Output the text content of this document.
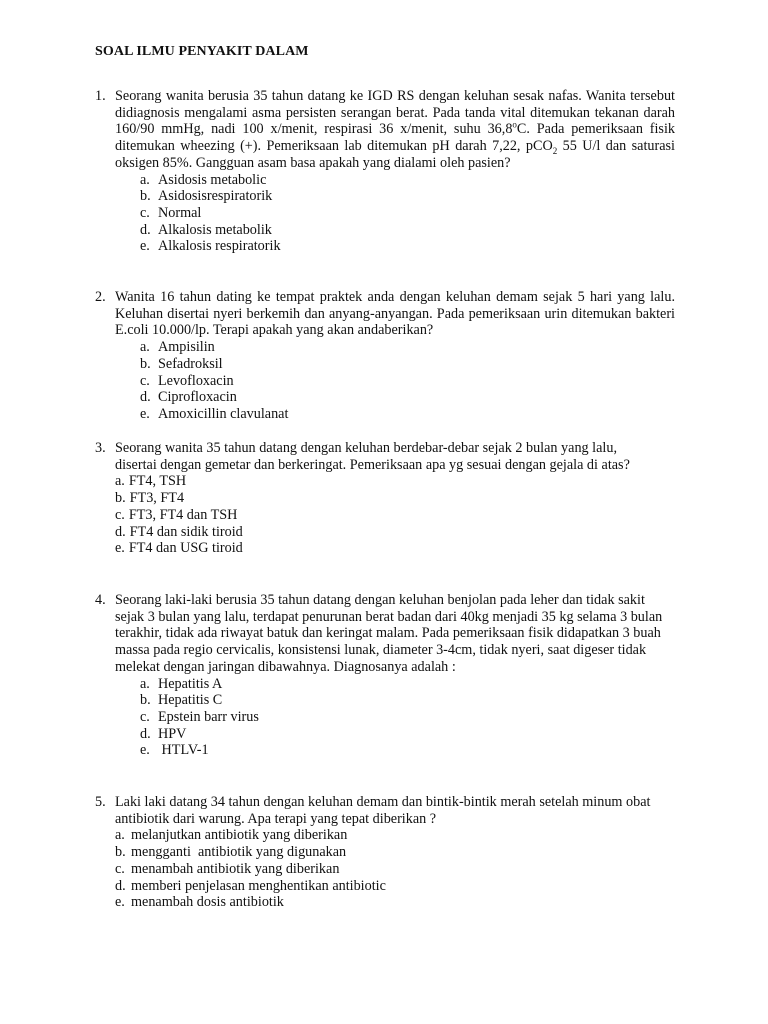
SOAL ILMU PENYAKIT DALAM
1. Seorang wanita berusia 35 tahun datang ke IGD RS dengan keluhan sesak nafas. Wanita tersebut didiagnosis mengalami asma persisten serangan berat. Pada tanda vital ditemukan tekanan darah 160/90 mmHg, nadi 100 x/menit, respirasi 36 x/menit, suhu 36,8$^o$C. Pada pemeriksaan fisik ditemukan wheezing (+). Pemeriksaan lab ditemukan pH darah 7,22, pCO$_2$ 55 U/l dan saturasi oksigen 85%. Gangguan asam basa apakah yang dialami oleh pasien?
a. Asidosis metabolic
b. Asidosisrespiratorik
c. Normal
d. Alkalosis metabolik
e. Alkalosis respiratorik
2. Wanita 16 tahun dating ke tempat praktek anda dengan keluhan demam sejak 5 hari yang lalu. Keluhan disertai nyeri berkemih dan anyang-anyangan. Pada pemeriksaan urin ditemukan bakteri E.coli 10.000/lp. Terapi apakah yang akan andaberikan?
a. Ampisilin
b. Sefadroksil
c. Levofloxacin
d. Ciprofloxacin
e. Amoxicillin clavulanat
3. Seorang wanita 35 tahun datang dengan keluhan berdebar-debar sejak 2 bulan yang lalu, disertai dengan gemetar dan berkeringat. Pemeriksaan apa yg sesuai dengan gejala di atas?
a. FT4, TSH
b. FT3, FT4
c. FT3, FT4 dan TSH
d. FT4 dan sidik tiroid
e. FT4 dan USG tiroid
4. Seorang laki-laki berusia 35 tahun datang dengan keluhan benjolan pada leher dan tidak sakit sejak 3 bulan yang lalu, terdapat penurunan berat badan dari 40kg menjadi 35 kg selama 3 bulan terakhir, tidak ada riwayat batuk dan keringat malam. Pada pemeriksaan fisik didapatkan 3 buah massa pada regio cervicalis, konsistensi lunak, diameter 3-4cm, tidak nyeri, saat digeser tidak melekat dengan jaringan dibawahnya. Diagnosanya adalah :
a. Hepatitis A
b. Hepatitis C
c. Epstein barr virus
d. HPV
e. HTLV-1
5. Laki laki datang 34 tahun dengan keluhan demam dan bintik-bintik merah setelah minum obat antibiotik dari warung. Apa terapi yang tepat diberikan ?
a. melanjutkan antibiotik yang diberikan
b. mengganti  antibiotik yang digunakan
c. menambah antibiotik yang diberikan
d. memberi penjelasan menghentikan antibiotic
e. menambah dosis antibiotik
